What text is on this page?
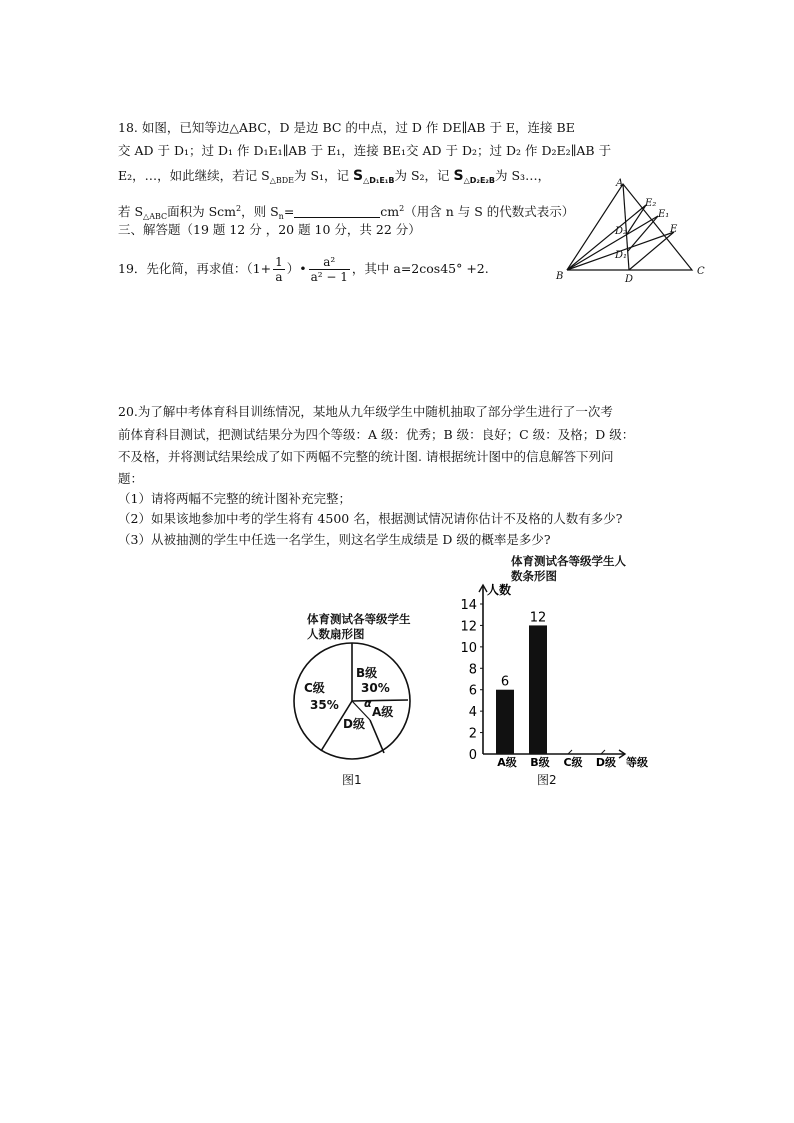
18. 如图，已知等边△ABC，D 是边 BC 的中点，过 D 作 DE∥AB 于 E，连接 BE
交 AD 于 D₁；过 D₁ 作 D₁E₁∥AB 于 E₁，连接 BE₁交 AD 于 D₂；过 D₂ 作 D₂E₂∥AB 于
E₂，…，如此继续，若记 $S_{\triangle BDE}$为 S₁，记 $S_{\triangle D_1E_1B}$为 S₂，记 $S_{\triangle D_2E_2B}$为 S₃…，
若 $S_{\triangle ABC}$面积为 Scm$^2$，则 $S_n=$	$cm^2$（用含 n 与 S 的代数式表示）
三、解答题（19 题 12 分 ，20 题 10 分，共 22 分）
19．先化简，再求值：（$1+ \frac{1}{a}$ ）• $\frac{\text{a²}}{\text{a² − 1}}$ ，其中 a=2cos45° +2.
A
B	C
D
E
E₁
E₂
D₁
D₂
20.为了解中考体育科目训练情况，某地从九年级学生中随机抽取了部分学生进行了一次考
前体育科目测试，把测试结果分为四个等级：A 级：优秀；B 级：良好；C 级：及格；D 级：
不及格，并将测试结果绘成了如下两幅不完整的统计图. 请根据统计图中的信息解答下列问
题：
（1）请将两幅不完整的统计图补充完整；
（2）如果该地参加中考的学生将有 4500 名，根据测试情况请你估计不及格的人数有多少?
（3）从被抽测的学生中任选一名学生，则这名学生成绩是 D 级的概率是多少?
体育测试各等级学生
人数扇形图
B级
30%
C级
35%
D级
A级
α
图1
体育测试各等级学生人
数条形图
人数
等级
0
2
4
6
8
10
12
14
6
A级
12
B级 C级 D级
图2
